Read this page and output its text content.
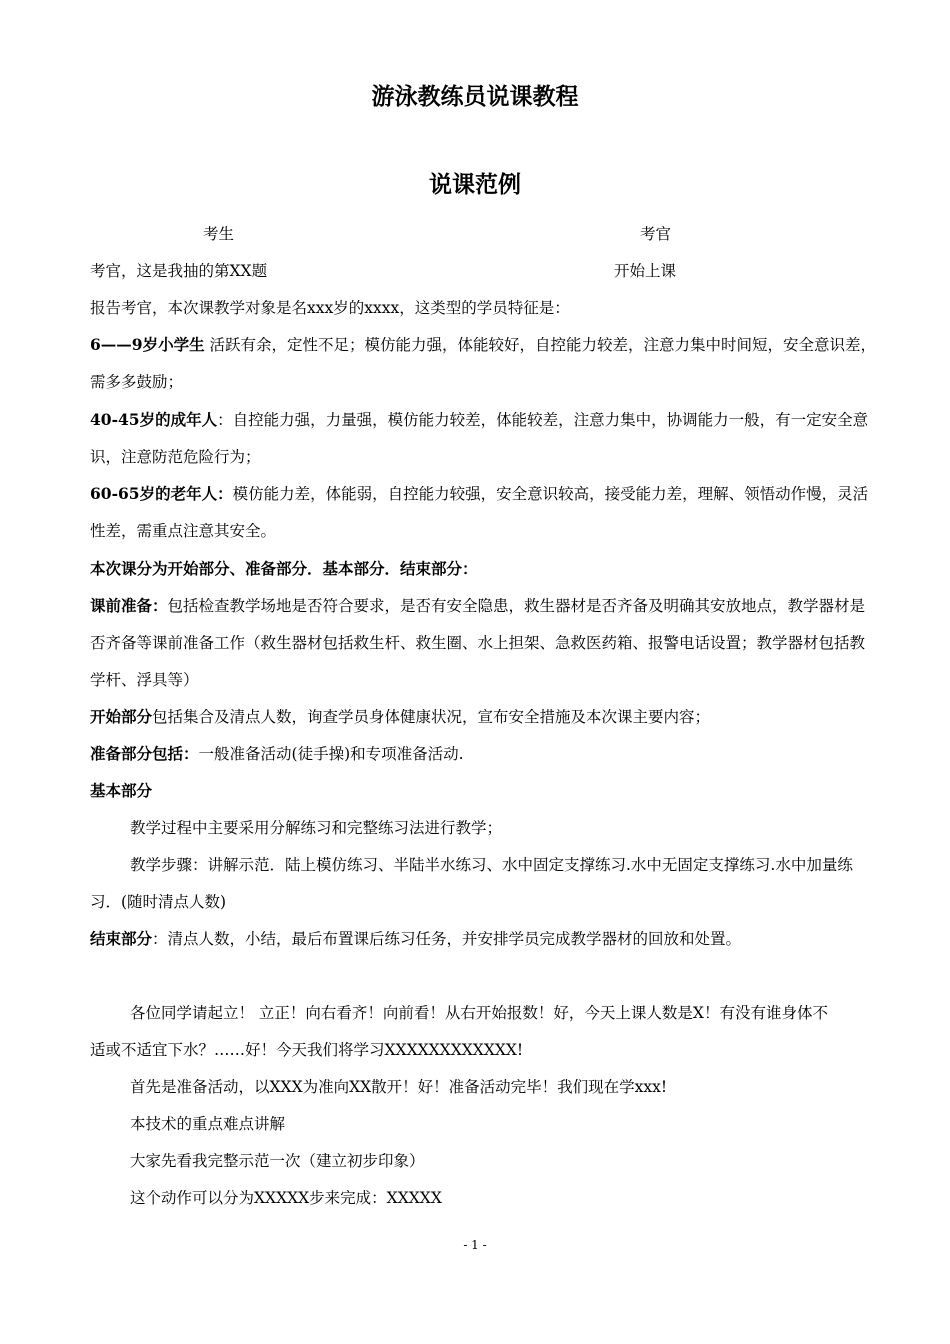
游泳教练员说课教程
说课范例
考生	考官
考官，这是我抽的第XX题	开始上课
报告考官，本次课教学对象是名xxx岁的xxxx，这类型的学员特征是：
6——9岁小学生 活跃有余，定性不足；模仿能力强，体能较好，自控能力较差，注意力集中时间短，安全意识差，
需多多鼓励；
40-45岁的成年人：自控能力强，力量强，模仿能力较差，体能较差，注意力集中，协调能力一般，有一定安全意
识，注意防范危险行为；
60-65岁的老年人：模仿能力差，体能弱，自控能力较强，安全意识较高，接受能力差，理解、领悟动作慢，灵活
性差，需重点注意其安全。
本次课分为开始部分、准备部分．基本部分．结束部分：
课前准备：包括检查教学场地是否符合要求，是否有安全隐患，救生器材是否齐备及明确其安放地点，教学器材是
否齐备等课前准备工作（救生器材包括救生杆、救生圈、水上担架、急救医药箱、报警电话设置；教学器材包括教
学杆、浮具等）
开始部分包括集合及清点人数，询查学员身体健康状况，宣布安全措施及本次课主要内容；
准备部分包括：一般准备活动(徒手操)和专项准备活动.
基本部分
教学过程中主要采用分解练习和完整练习法进行教学；
教学步骤：讲解示范．陆上模仿练习、半陆半水练习、水中固定支撑练习.水中无固定支撑练习.水中加量练
习．(随时清点人数)
结束部分：清点人数，小结，最后布置课后练习任务，并安排学员完成教学器材的回放和处置。
各位同学请起立！ 立正！向右看齐！向前看！从右开始报数！好，今天上课人数是X！有没有谁身体不
适或不适宜下水？……好！今天我们将学习XXXXXXXXXXXX!
首先是准备活动，以XXX为准向XX散开！好！准备活动完毕！我们现在学xxx!
本技术的重点难点讲解
大家先看我完整示范一次（建立初步印象）
这个动作可以分为XXXXX步来完成：XXXXX
- 1 -
